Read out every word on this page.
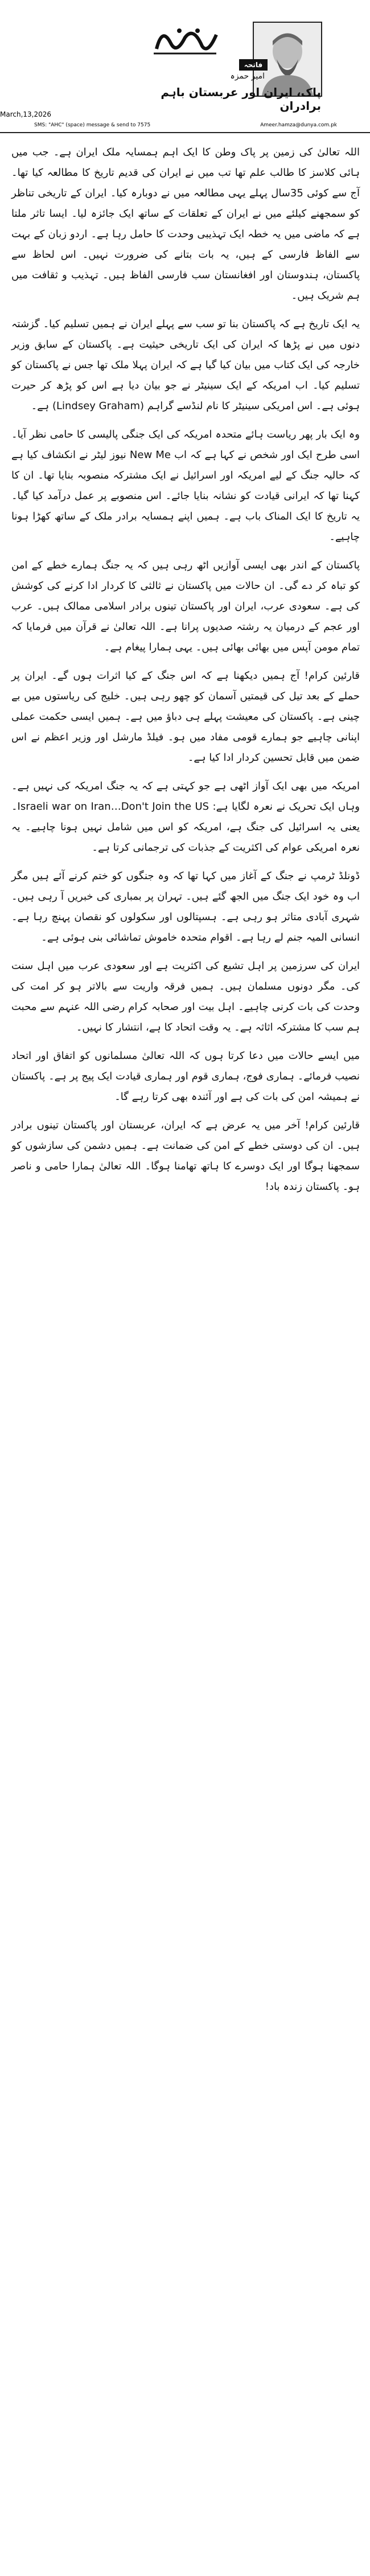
فاتحہ
امیر حمزہ
پاک، ایران اور عربستان باہم برادران
March,13,2026
SMS: "AHC" (space) message & send to 7575	Ameer.hamza@dunya.com.pk

اللہ تعالیٰ کی زمین پر پاک وطن کا ایک اہم ہمسایہ ملک ایران ہے۔ جب میں ہائی کلاسز کا طالب علم تھا تب میں نے ایران کی قدیم تاریخ کا مطالعہ کیا تھا۔ آج سے کوئی 35سال پہلے یہی مطالعہ میں نے دوبارہ کیا۔ ایران کے تاریخی تناظر کو سمجھنے کیلئے میں نے ایران کے تعلقات کے ساتھ ایک جائزہ لیا۔ ایسا تاثر ملتا ہے کہ ماضی میں یہ خطہ ایک تہذیبی وحدت کا حامل رہا ہے۔ اردو زبان کے بہت سے الفاظ فارسی کے ہیں، یہ بات بتانے کی ضرورت نہیں۔ اس لحاظ سے پاکستان، ہندوستان اور افغانستان سب فارسی الفاظ ہیں۔ تہذیب و ثقافت میں ہم شریک ہیں۔

یہ ایک تاریخ ہے کہ پاکستان بنا تو سب سے پہلے ایران نے ہمیں تسلیم کیا۔ گزشتہ دنوں میں نے پڑھا کہ ایران کی ایک تاریخی حیثیت ہے۔ پاکستان کے سابق وزیر خارجہ کی ایک کتاب میں بیان کیا گیا ہے کہ ایران پہلا ملک تھا جس نے پاکستان کو تسلیم کیا۔ اب امریکہ کے ایک سینیٹر نے جو بیان دیا ہے اس کو پڑھ کر حیرت ہوئی ہے۔ اس امریکی سینیٹر کا نام لنڈسے گراہم (Lindsey Graham) ہے۔

وہ ایک بار پھر ریاست ہائے متحدہ امریکہ کی ایک جنگی پالیسی کا حامی نظر آیا۔ اسی طرح ایک اور شخص نے کہا ہے کہ اب New Me نیوز لیٹر نے انکشاف کیا ہے کہ حالیہ جنگ کے لیے امریکہ اور اسرائیل نے ایک مشترکہ منصوبہ بنایا تھا۔ ان کا کہنا تھا کہ ایرانی قیادت کو نشانہ بنایا جائے۔ اس منصوبے پر عمل درآمد کیا گیا۔ یہ تاریخ کا ایک المناک باب ہے۔ ہمیں اپنے ہمسایہ برادر ملک کے ساتھ کھڑا ہونا چاہیے۔

پاکستان کے اندر بھی ایسی آوازیں اٹھ رہی ہیں کہ یہ جنگ ہمارے خطے کے امن کو تباہ کر دے گی۔ ان حالات میں پاکستان نے ثالثی کا کردار ادا کرنے کی کوشش کی ہے۔ سعودی عرب، ایران اور پاکستان تینوں برادر اسلامی ممالک ہیں۔ عرب اور عجم کے درمیان یہ رشتہ صدیوں پرانا ہے۔ اللہ تعالیٰ نے قرآن میں فرمایا کہ تمام مومن آپس میں بھائی بھائی ہیں۔ یہی ہمارا پیغام ہے۔

قارئین کرام! آج ہمیں دیکھنا ہے کہ اس جنگ کے کیا اثرات ہوں گے۔ ایران پر حملے کے بعد تیل کی قیمتیں آسمان کو چھو رہی ہیں۔ خلیج کی ریاستوں میں بے چینی ہے۔ پاکستان کی معیشت پہلے ہی دباؤ میں ہے۔ ہمیں ایسی حکمت عملی اپنانی چاہیے جو ہمارے قومی مفاد میں ہو۔ فیلڈ مارشل اور وزیر اعظم نے اس ضمن میں قابل تحسین کردار ادا کیا ہے۔

امریکہ میں بھی ایک آواز اٹھی ہے جو کہتی ہے کہ یہ جنگ امریکہ کی نہیں ہے۔ وہاں ایک تحریک نے نعرہ لگایا ہے: Israeli war on Iran…Don't Join the US۔ یعنی یہ اسرائیل کی جنگ ہے، امریکہ کو اس میں شامل نہیں ہونا چاہیے۔ یہ نعرہ امریکی عوام کی اکثریت کے جذبات کی ترجمانی کرتا ہے۔

ڈونلڈ ٹرمپ نے جنگ کے آغاز میں کہا تھا کہ وہ جنگوں کو ختم کرنے آئے ہیں مگر اب وہ خود ایک جنگ میں الجھ گئے ہیں۔ تہران پر بمباری کی خبریں آ رہی ہیں۔ شہری آبادی متاثر ہو رہی ہے۔ ہسپتالوں اور سکولوں کو نقصان پہنچ رہا ہے۔ انسانی المیہ جنم لے رہا ہے۔ اقوام متحدہ خاموش تماشائی بنی ہوئی ہے۔

ایران کی سرزمین پر اہل تشیع کی اکثریت ہے اور سعودی عرب میں اہل سنت کی۔ مگر دونوں مسلمان ہیں۔ ہمیں فرقہ واریت سے بالاتر ہو کر امت کی وحدت کی بات کرنی چاہیے۔ اہل بیت اور صحابہ کرام رضی اللہ عنہم سے محبت ہم سب کا مشترکہ اثاثہ ہے۔ یہ وقت اتحاد کا ہے، انتشار کا نہیں۔

میں ایسے حالات میں دعا کرتا ہوں کہ اللہ تعالیٰ مسلمانوں کو اتفاق اور اتحاد نصیب فرمائے۔ ہماری فوج، ہماری قوم اور ہماری قیادت ایک پیج پر ہے۔ پاکستان نے ہمیشہ امن کی بات کی ہے اور آئندہ بھی کرتا رہے گا۔

قارئین کرام! آخر میں یہ عرض ہے کہ ایران، عربستان اور پاکستان تینوں برادر ہیں۔ ان کی دوستی خطے کے امن کی ضمانت ہے۔ ہمیں دشمن کی سازشوں کو سمجھنا ہوگا اور ایک دوسرے کا ہاتھ تھامنا ہوگا۔ اللہ تعالیٰ ہمارا حامی و ناصر ہو۔ پاکستان زندہ باد!
